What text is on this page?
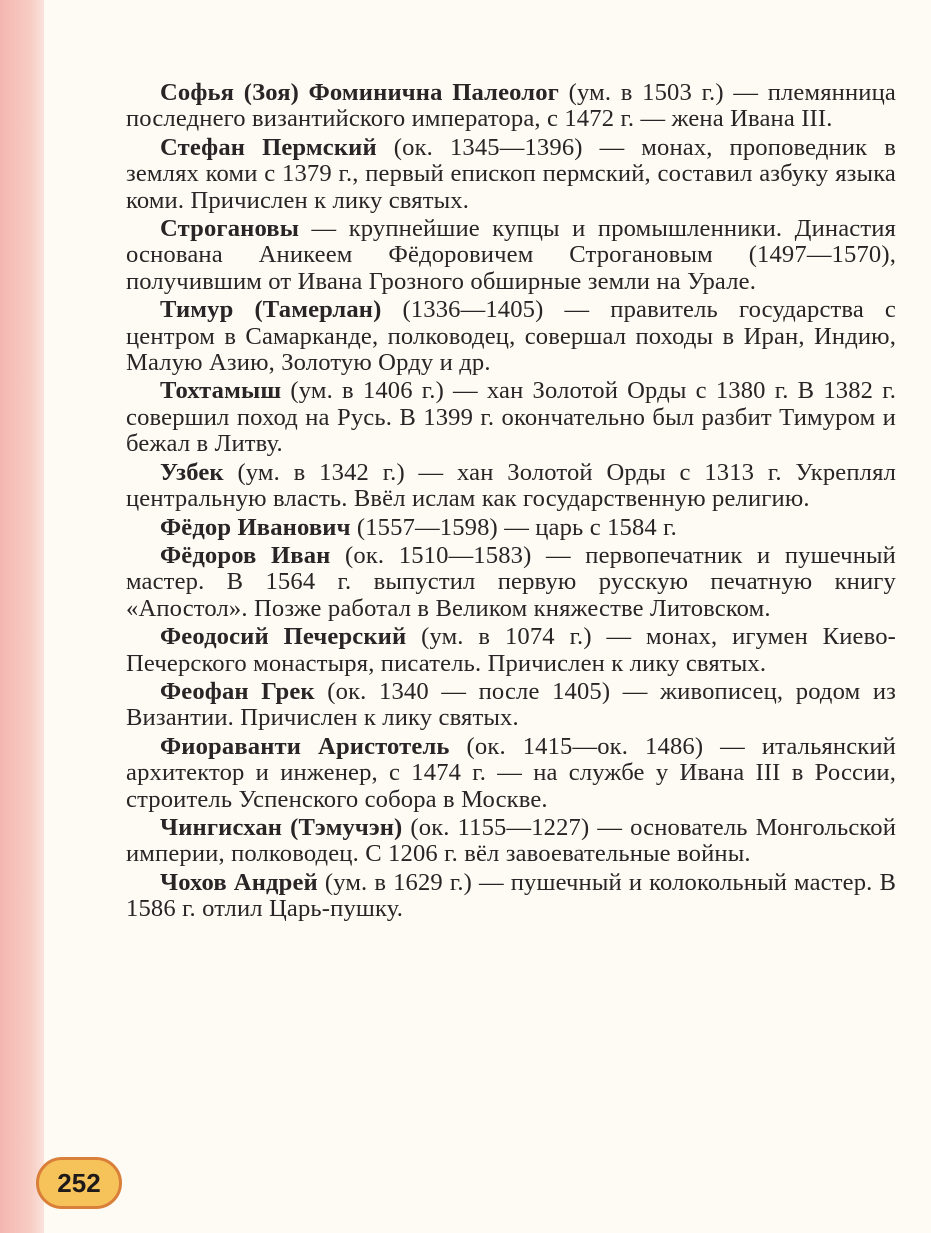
Софья (Зоя) Фоминична Палеолог (ум. в 1503 г.) — племянница последнего византийского императора, с 1472 г. — жена Ивана III.

Стефан Пермский (ок. 1345—1396) — монах, проповедник в землях коми с 1379 г., первый епископ пермский, составил азбуку языка коми. Причислен к лику святых.

Строгановы — крупнейшие купцы и промышленники. Династия основана Аникеем Фёдоровичем Строгановым (1497—1570), получившим от Ивана Грозного обширные земли на Урале.

Тимур (Тамерлан) (1336—1405) — правитель государства с центром в Самарканде, полководец, совершал походы в Иран, Индию, Малую Азию, Золотую Орду и др.

Тохтамыш (ум. в 1406 г.) — хан Золотой Орды с 1380 г. В 1382 г. совершил поход на Русь. В 1399 г. окончательно был разбит Тимуром и бежал в Литву.

Узбек (ум. в 1342 г.) — хан Золотой Орды с 1313 г. Укреплял центральную власть. Ввёл ислам как государственную религию.

Фёдор Иванович (1557—1598) — царь с 1584 г.

Фёдоров Иван (ок. 1510—1583) — первопечатник и пушечный мастер. В 1564 г. выпустил первую русскую печатную книгу «Апостол». Позже работал в Великом княжестве Литовском.

Феодосий Печерский (ум. в 1074 г.) — монах, игумен Киево-Печерского монастыря, писатель. Причислен к лику святых.

Феофан Грек (ок. 1340 — после 1405) — живописец, родом из Византии. Причислен к лику святых.

Фиораванти Аристотель (ок. 1415—ок. 1486) — итальянский архитектор и инженер, с 1474 г. — на службе у Ивана III в России, строитель Успенского собора в Москве.

Чингисхан (Тэмучэн) (ок. 1155—1227) — основатель Монгольской империи, полководец. С 1206 г. вёл завоевательные войны.

Чохов Андрей (ум. в 1629 г.) — пушечный и колокольный мастер. В 1586 г. отлил Царь-пушку.

252
